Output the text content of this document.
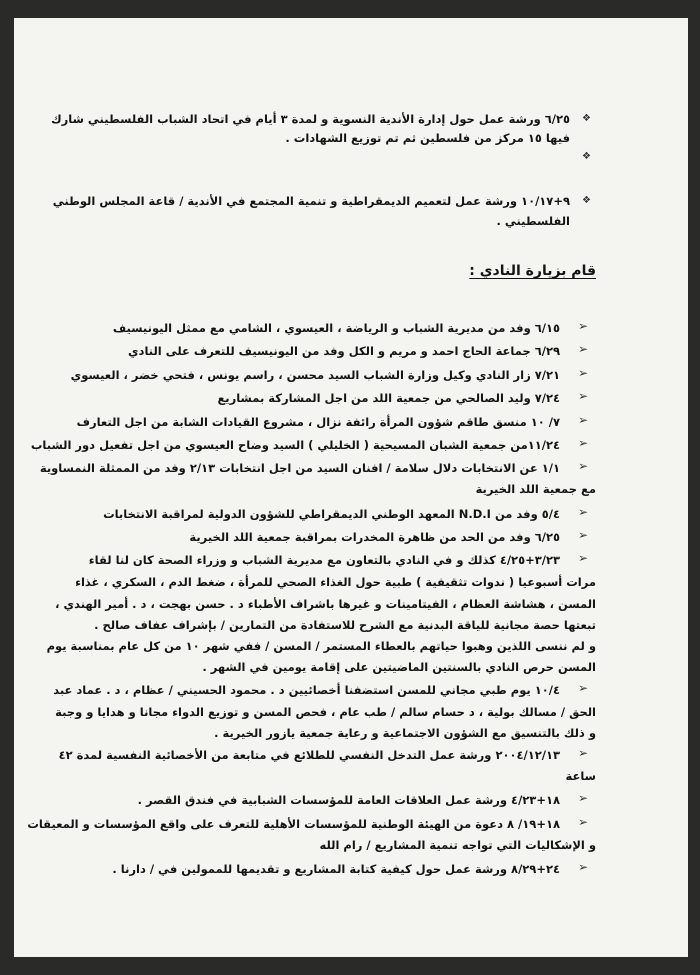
❖
٦/٢٥ ورشة عمل حول إدارة الأندية النسوية و لمدة ٣ أيام في اتحاد الشباب الفلسطيني شارك
فيها ١٥ مركز من فلسطين ثم تم توزيع الشهادات .
❖
❖
٩+١٠/١٧ ورشة عمل لتعميم الديمقراطية و تنمية المجتمع في الأندية / قاعة المجلس الوطني
الفلسطيني .
قام بزيارة النادي :
➢
٦/١٥ وفد من مديرية الشباب و الرياضة ، العيسوي ، الشامي مع ممثل اليونيسيف
➢
٦/٢٩ جماعة الحاج احمد و مريم و الكل وفد من اليونيسيف للتعرف على النادي
➢
٧/٢١ زار النادي وكيل وزارة الشباب السيد محسن ، راسم يونس ، فتحي خضر ، العيسوي
➢
٧/٢٤ وليد الصالحي من جمعية اللد من اجل المشاركة بمشاريع
➢
٧/ ١٠ منسق طاقم شؤون المرأة رائفة نزال ، مشروع القيادات الشابة من اجل التعارف
➢
١١/٢٤من جمعية الشبان المسيحية ( الخليلي ) السيد وضاح العيسوي من اجل تفعيل دور الشباب
➢
١/١ عن الانتخابات دلال سلامة / افنان السيد من اجل انتخابات ٢/١٣ وفد من الممثلة النمساوية
مع جمعية اللد الخيرية
➢
٥/٤ وفد من N.D.I المعهد الوطني الديمقراطي للشؤون الدولية لمراقبة الانتخابات
➢
٦/٢٥ وفد من الحد من ظاهرة المخدرات بمراقبة جمعية اللد الخيرية
➢
٣/٢٣+٤/٢٥ كذلك و في النادي بالتعاون مع مديرية الشباب و وزراء الصحة كان لنا لقاء
مرات أسبوعيا ( ندوات تثقيفية ) طبية حول الغذاء الصحي للمرأة ، ضغط الدم ، السكري ، غذاء
المسن ، هشاشة العظام ، الفيتامينات و غيرها باشراف الأطباء د . حسن بهجت ، د . أمير الهندي ،
تبعتها حصة مجانية للياقة البدنية مع الشرح للاستفادة من التمارين / بإشراف عفاف صالح .
و لم ننسى اللذين وهبوا حياتهم بالعطاء المستمر / المسن / ففي شهر ١٠ من كل عام بمناسبة يوم
المسن حرص النادي بالسنتين الماضيتين على إقامة يومين في الشهر .
➢
١٠/٤ يوم طبي مجاني للمسن استضفنا أخصائيين د . محمود الحسيني / عظام ، د . عماد عبد
الحق / مسالك بولية ، د حسام سالم / طب عام ، فحص المسن و توزيع الدواء مجانا و هدايا و وجبة
و ذلك بالتنسيق مع الشؤون الاجتماعية و رعاية جمعية يازور الخيرية .
➢
٢٠٠٤/١٢/١٣ ورشة عمل التدخل النفسي للطلائع في متابعة من الأخصائية النفسية لمدة ٤٢
ساعة
➢
١٨+٤/٢٣ ورشة عمل العلاقات العامة للمؤسسات الشبابية في فندق القصر .
➢
١٨+١٩/ ٨ دعوة من الهيئة الوطنية للمؤسسات الأهلية للتعرف على واقع المؤسسات و المعيقات
و الإشكاليات التي تواجه تنمية المشاريع / رام الله
➢
٢٤+٨/٢٩ ورشة عمل حول كيفية كتابة المشاريع و تقديمها للممولين في / دارنا .
